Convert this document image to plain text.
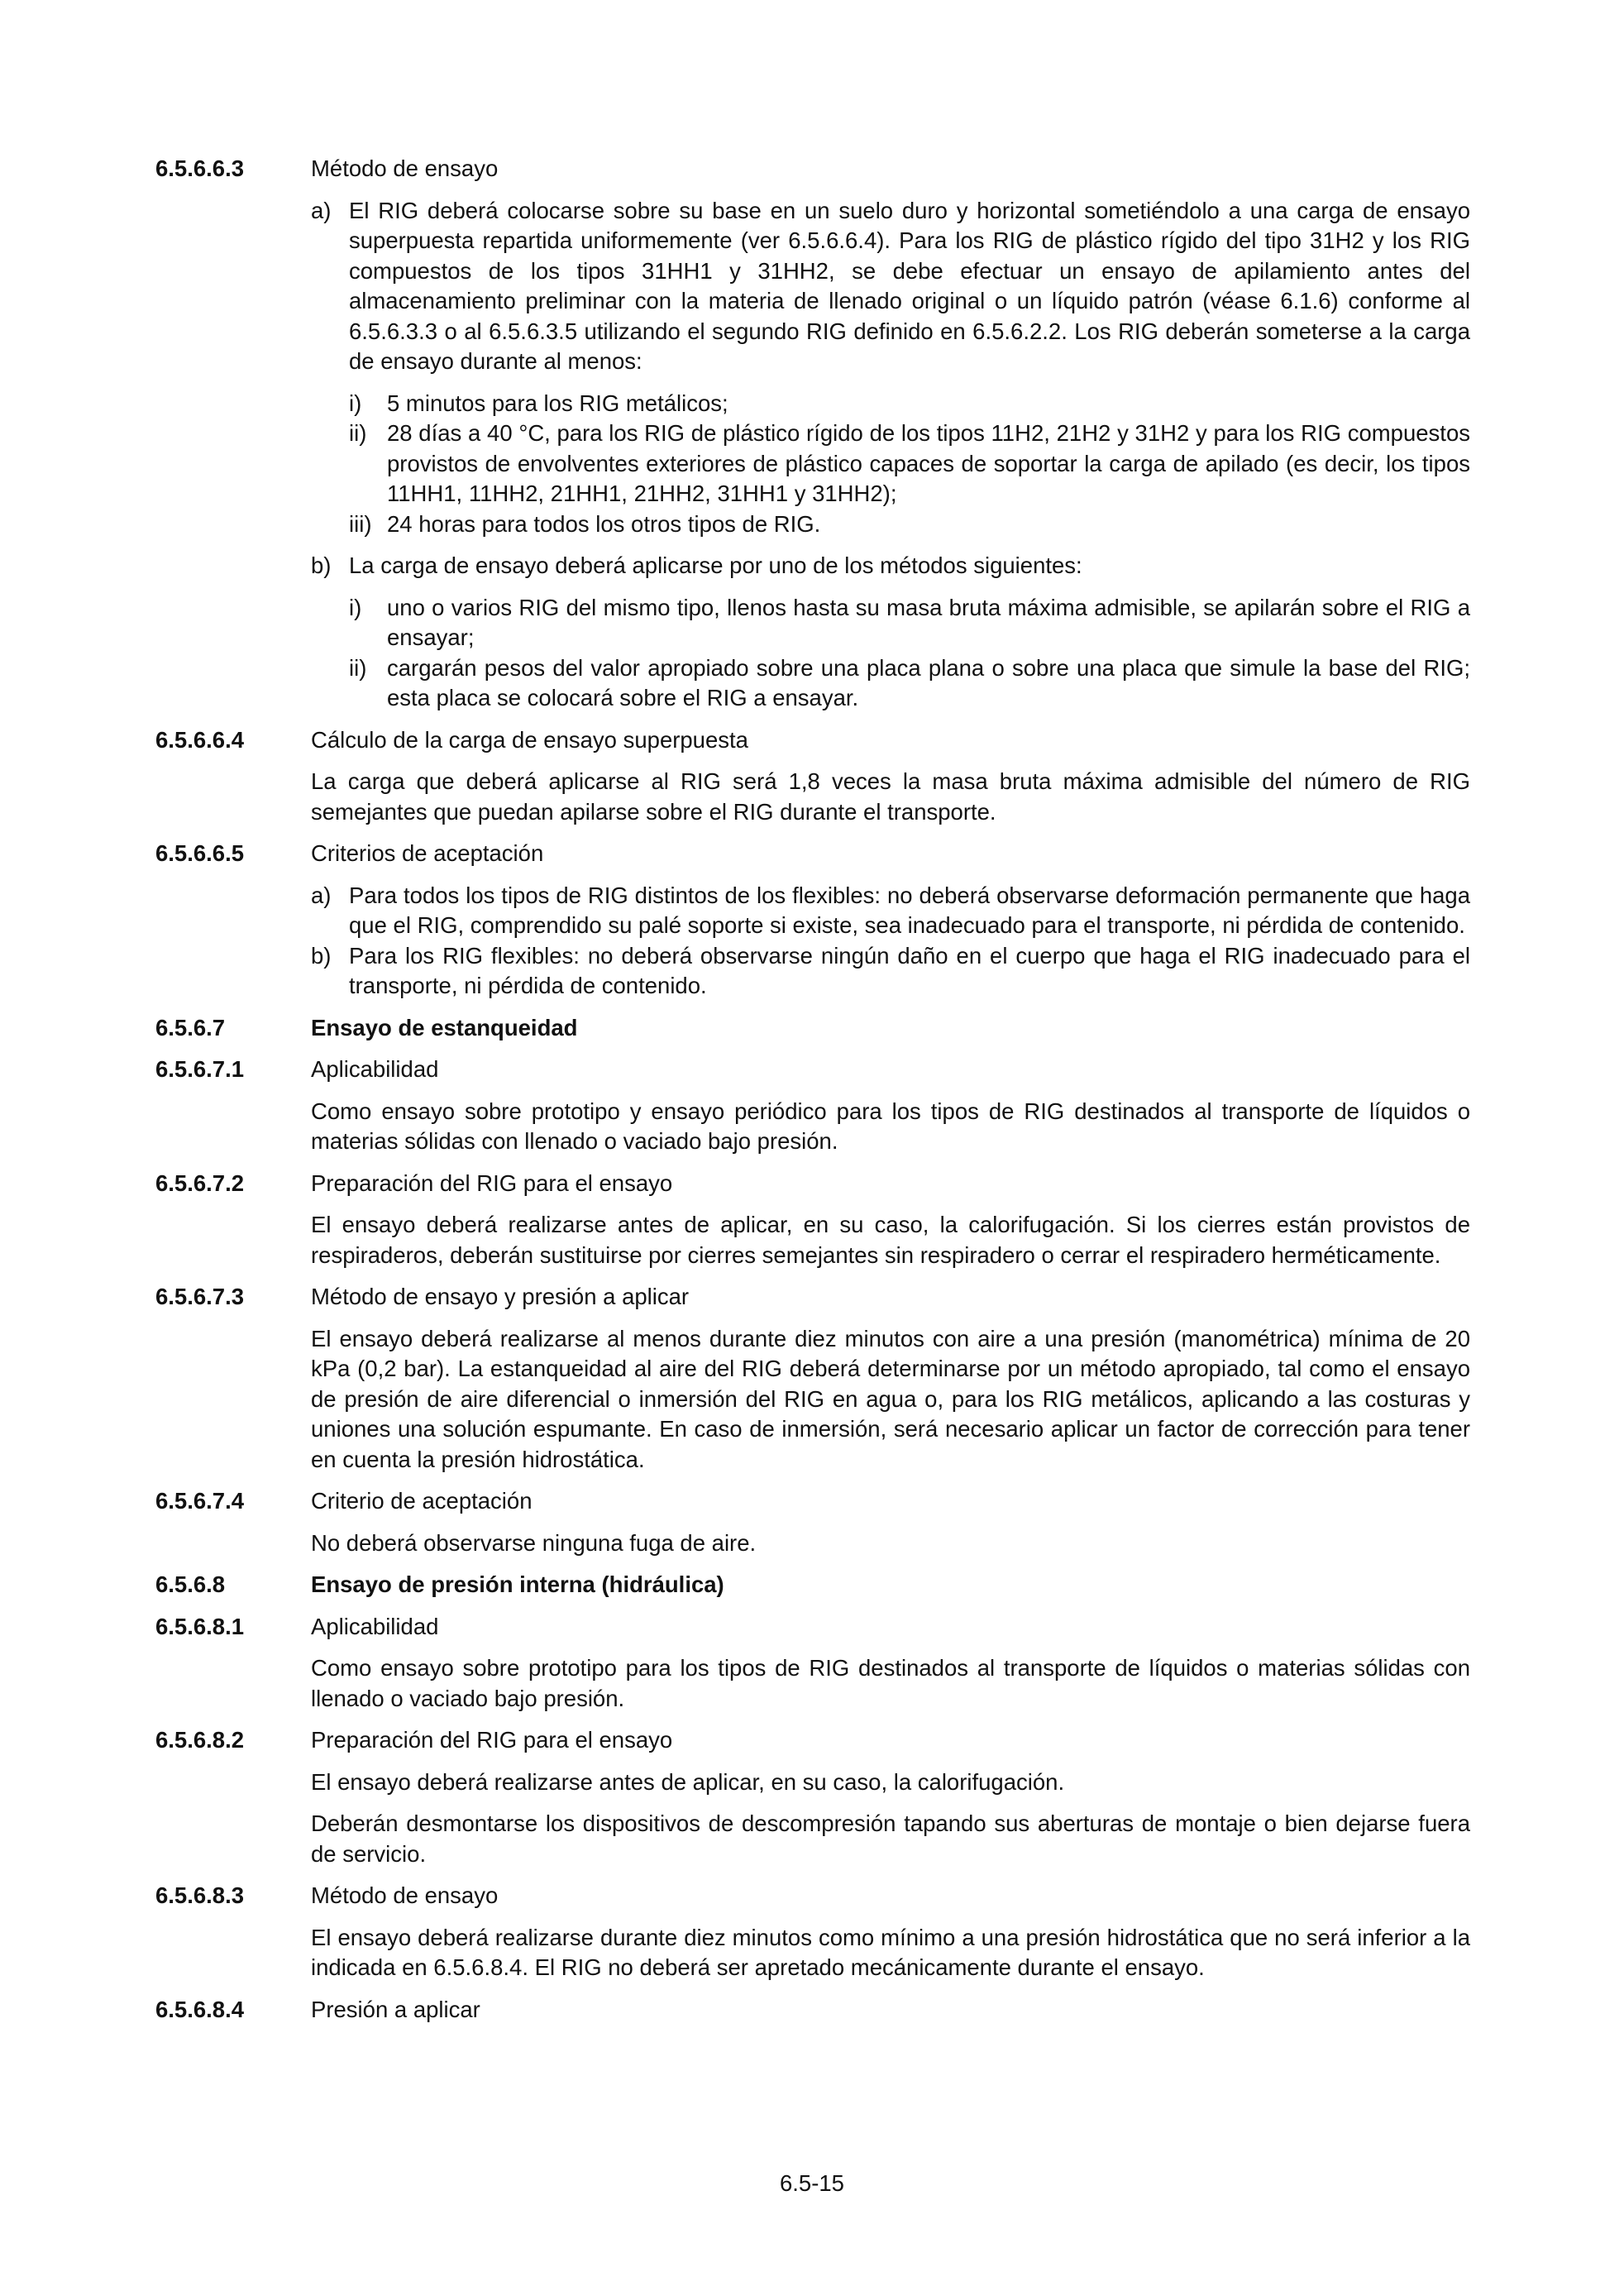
6.5.6.6.3	Método de ensayo
a) El RIG deberá colocarse sobre su base en un suelo duro y horizontal sometiéndolo a una carga de ensayo superpuesta repartida uniformemente (ver 6.5.6.6.4). Para los RIG de plástico rígido del tipo 31H2 y los RIG compuestos de los tipos 31HH1 y 31HH2, se debe efectuar un ensayo de apilamiento antes del almacenamiento preliminar con la materia de llenado original o un líquido patrón (véase 6.1.6) conforme al 6.5.6.3.3 o al 6.5.6.3.5 utilizando el segundo RIG definido en 6.5.6.2.2. Los RIG deberán someterse a la carga de ensayo durante al menos:
i) 5 minutos para los RIG metálicos;
ii) 28 días a 40 °C, para los RIG de plástico rígido de los tipos 11H2, 21H2 y 31H2 y para los RIG compuestos provistos de envolventes exteriores de plástico capaces de soportar la carga de apilado (es decir, los tipos 11HH1, 11HH2, 21HH1, 21HH2, 31HH1 y 31HH2);
iii) 24 horas para todos los otros tipos de RIG.
b) La carga de ensayo deberá aplicarse por uno de los métodos siguientes:
i) uno o varios RIG del mismo tipo, llenos hasta su masa bruta máxima admisible, se apilarán sobre el RIG a ensayar;
ii) cargarán pesos del valor apropiado sobre una placa plana o sobre una placa que simule la base del RIG; esta placa se colocará sobre el RIG a ensayar.
6.5.6.6.4	Cálculo de la carga de ensayo superpuesta
La carga que deberá aplicarse al RIG será 1,8 veces la masa bruta máxima admisible del número de RIG semejantes que puedan apilarse sobre el RIG durante el transporte.
6.5.6.6.5	Criterios de aceptación
a) Para todos los tipos de RIG distintos de los flexibles: no deberá observarse deformación permanente que haga que el RIG, comprendido su palé soporte si existe, sea inadecuado para el transporte, ni pérdida de contenido.
b) Para los RIG flexibles: no deberá observarse ningún daño en el cuerpo que haga el RIG inadecuado para el transporte, ni pérdida de contenido.
6.5.6.7	Ensayo de estanqueidad
6.5.6.7.1	Aplicabilidad
Como ensayo sobre prototipo y ensayo periódico para los tipos de RIG destinados al transporte de líquidos o materias sólidas con llenado o vaciado bajo presión.
6.5.6.7.2	Preparación del RIG para el ensayo
El ensayo deberá realizarse antes de aplicar, en su caso, la calorifugación. Si los cierres están provistos de respiraderos, deberán sustituirse por cierres semejantes sin respiradero o cerrar el respiradero herméticamente.
6.5.6.7.3	Método de ensayo y presión a aplicar
El ensayo deberá realizarse al menos durante diez minutos con aire a una presión (manométrica) mínima de 20 kPa (0,2 bar). La estanqueidad al aire del RIG deberá determinarse por un método apropiado, tal como el ensayo de presión de aire diferencial o inmersión del RIG en agua o, para los RIG metálicos, aplicando a las costuras y uniones una solución espumante. En caso de inmersión, será necesario aplicar un factor de corrección para tener en cuenta la presión hidrostática.
6.5.6.7.4	Criterio de aceptación
No deberá observarse ninguna fuga de aire.
6.5.6.8	Ensayo de presión interna (hidráulica)
6.5.6.8.1	Aplicabilidad
Como ensayo sobre prototipo para los tipos de RIG destinados al transporte de líquidos o materias sólidas con llenado o vaciado bajo presión.
6.5.6.8.2	Preparación del RIG para el ensayo
El ensayo deberá realizarse antes de aplicar, en su caso, la calorifugación.
Deberán desmontarse los dispositivos de descompresión tapando sus aberturas de montaje o bien dejarse fuera de servicio.
6.5.6.8.3	Método de ensayo
El ensayo deberá realizarse durante diez minutos como mínimo a una presión hidrostática que no será inferior a la indicada en 6.5.6.8.4. El RIG no deberá ser apretado mecánicamente durante el ensayo.
6.5.6.8.4	Presión a aplicar
6.5-15
